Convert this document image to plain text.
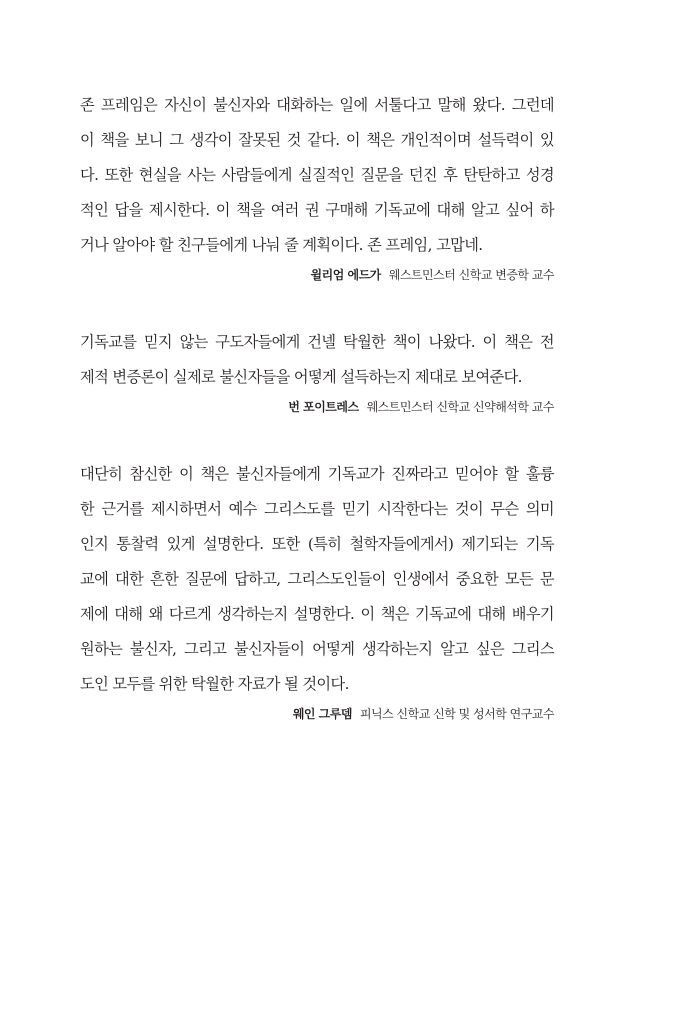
존 프레임은 자신이 불신자와 대화하는 일에 서툴다고 말해 왔다. 그런데
이 책을 보니 그 생각이 잘못된 것 같다. 이 책은 개인적이며 설득력이 있
다. 또한 현실을 사는 사람들에게 실질적인 질문을 던진 후 탄탄하고 성경
적인 답을 제시한다. 이 책을 여러 권 구매해 기독교에 대해 알고 싶어 하
거나 알아야 할 친구들에게 나눠 줄 계획이다. 존 프레임, 고맙네.
윌리엄 에드가 웨스트민스터 신학교 변증학 교수
기독교를 믿지 않는 구도자들에게 건넬 탁월한 책이 나왔다. 이 책은 전
제적 변증론이 실제로 불신자들을 어떻게 설득하는지 제대로 보여준다.
번 포이트레스 웨스트민스터 신학교 신약해석학 교수
대단히 참신한 이 책은 불신자들에게 기독교가 진짜라고 믿어야 할 훌륭
한 근거를 제시하면서 예수 그리스도를 믿기 시작한다는 것이 무슨 의미
인지 통찰력 있게 설명한다. 또한 (특히 철학자들에게서) 제기되는 기독
교에 대한 흔한 질문에 답하고, 그리스도인들이 인생에서 중요한 모든 문
제에 대해 왜 다르게 생각하는지 설명한다. 이 책은 기독교에 대해 배우기
원하는 불신자, 그리고 불신자들이 어떻게 생각하는지 알고 싶은 그리스
도인 모두를 위한 탁월한 자료가 될 것이다.
웨인 그루뎀 피닉스 신학교 신학 및 성서학 연구교수
